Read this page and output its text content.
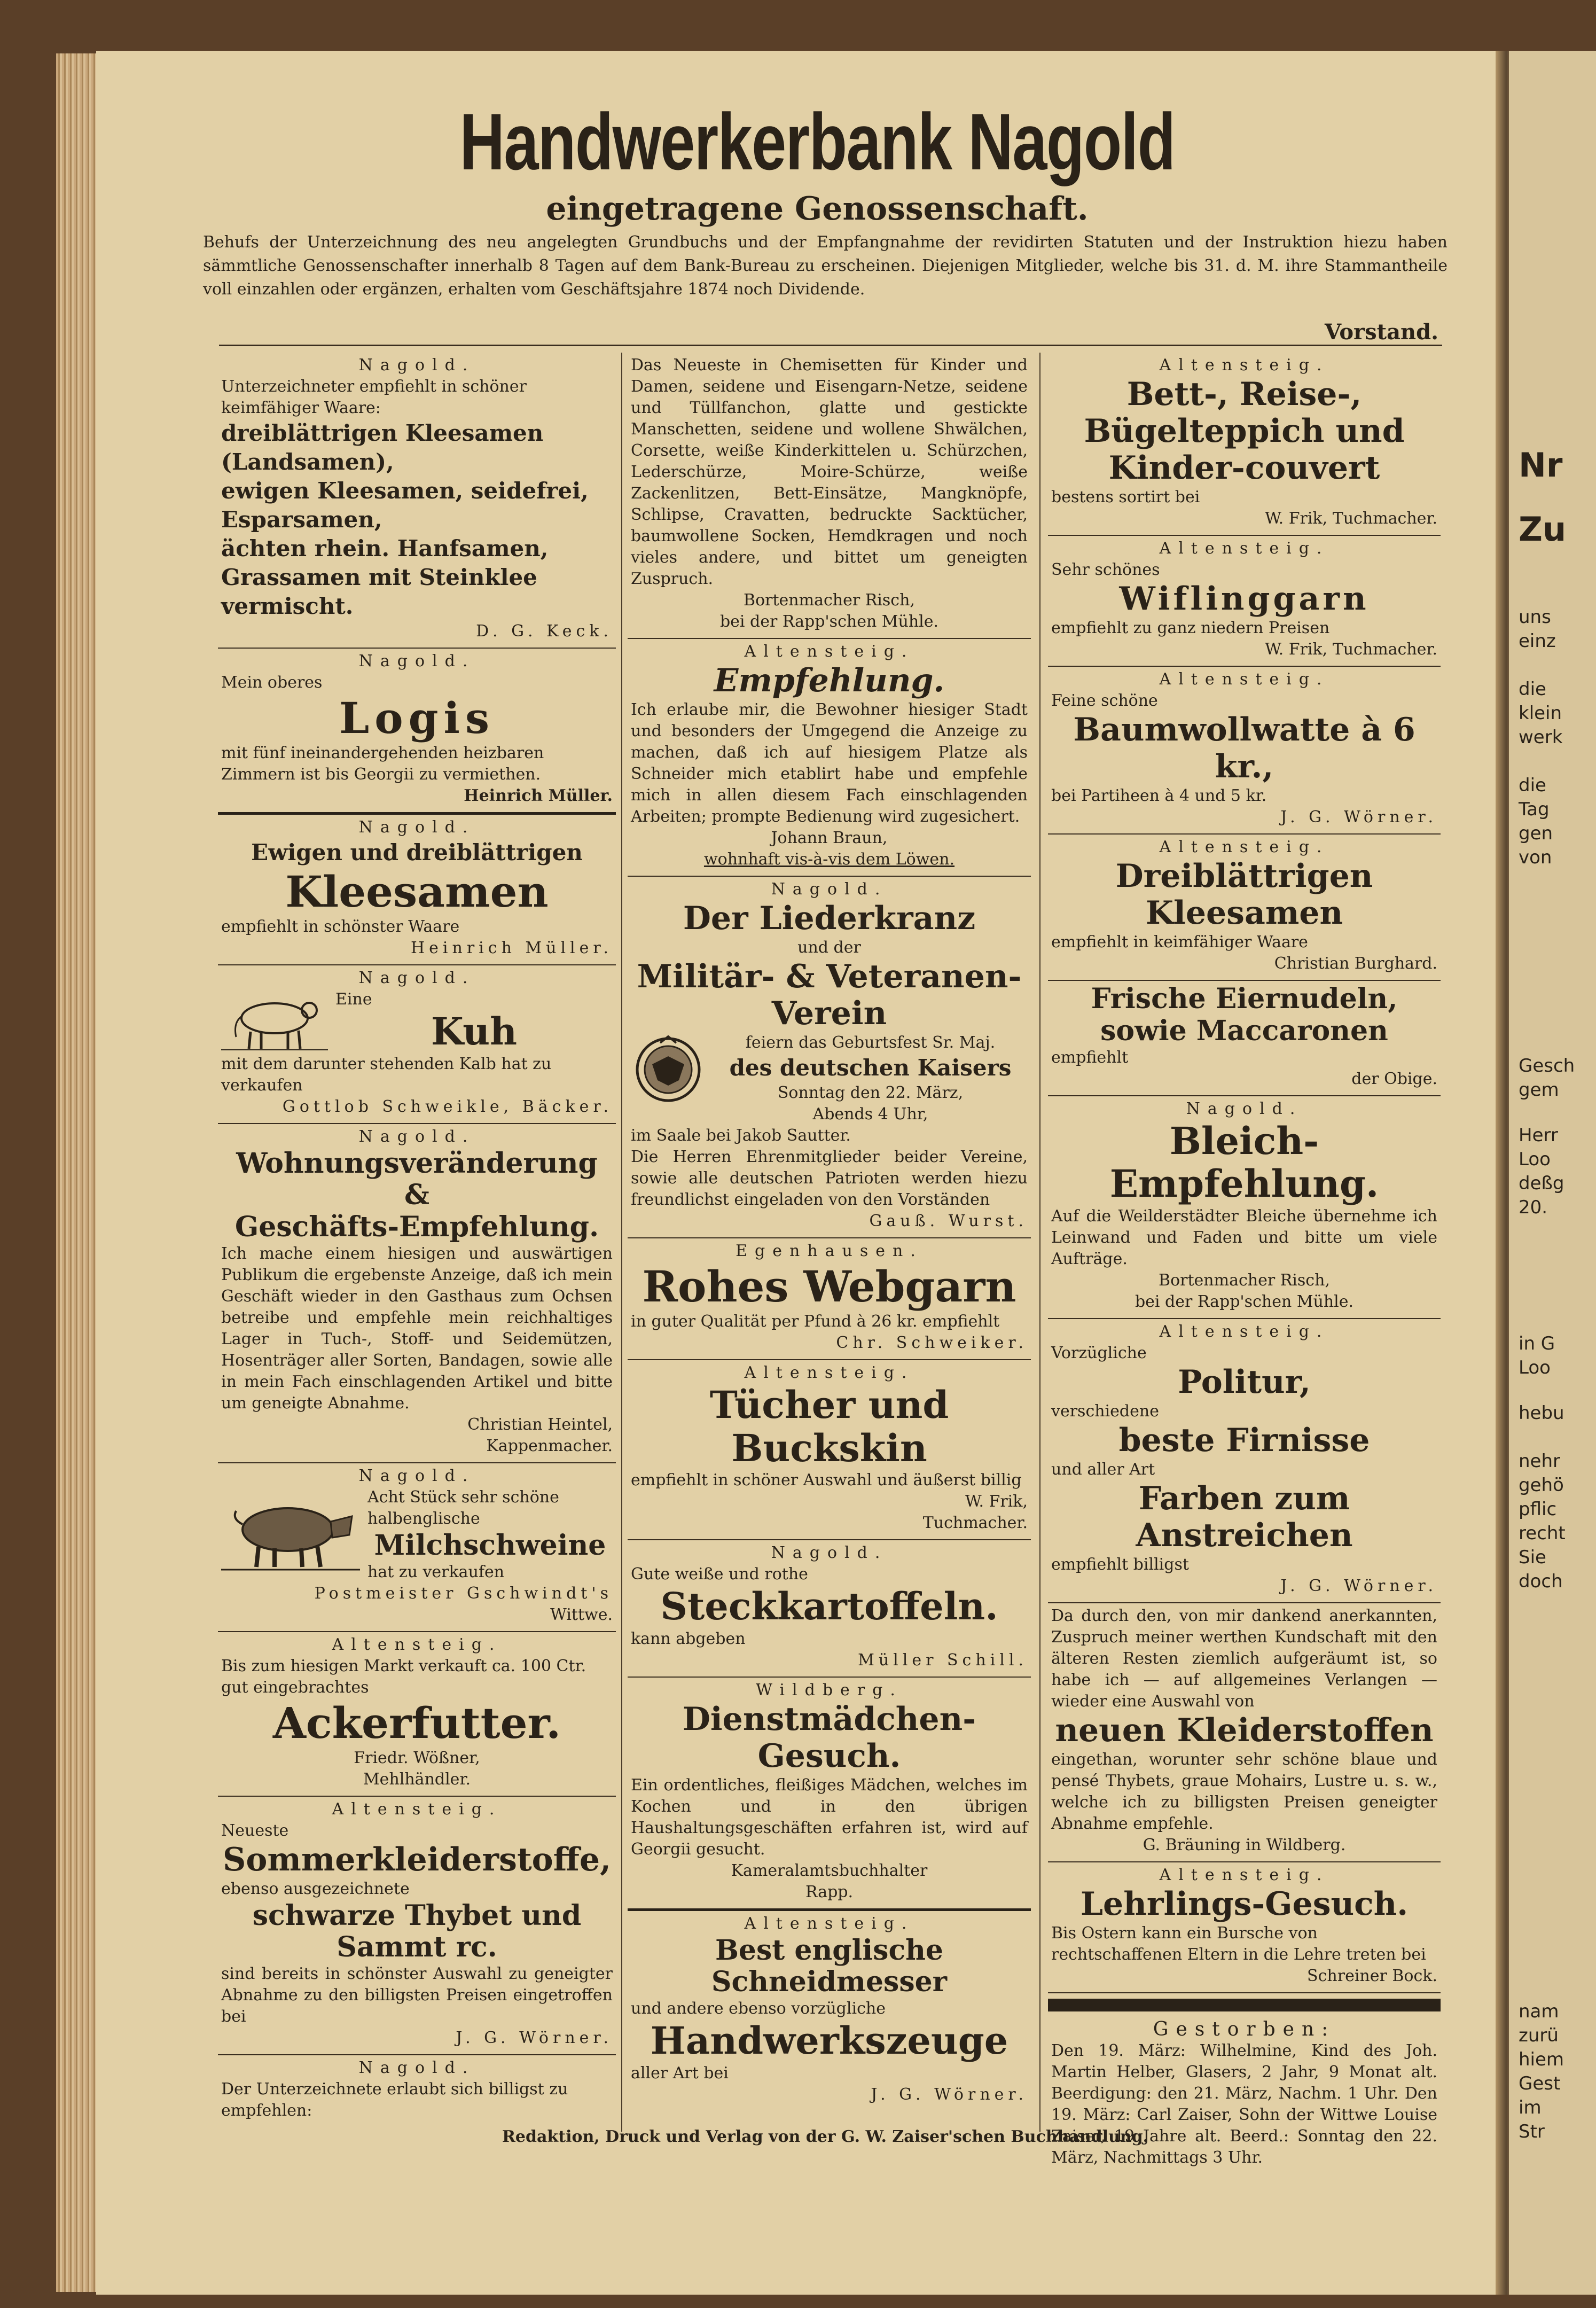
Nr
Zu
uns
einz
die
klein
werk
die
Tag
gen
von
Gesch
gem
Herr
Loo
deßg
20.
in G
Loo
hebu
nehr
gehö
pflic
recht
Sie
doch
nam
zurü
hiem
Gest
im
Str
Handwerkerbank Nagold
eingetragene Genossenschaft.

Behufs der Unterzeichnung des neu angelegten Grundbuchs und der Empfangnahme der revidirten Statuten und der Instruktion hiezu haben sämmtliche Genossenschafter innerhalb 8 Tagen auf dem Bank-Bureau zu erscheinen. Diejenigen Mitglieder, welche bis 31. d. M. ihre Stammantheile voll einzahlen oder ergänzen, erhalten vom Geschäftsjahre 1874 noch Dividende.

Vorstand.
Nagold.
Unterzeichneter empfiehlt in schöner keimfähiger Waare:
dreiblättrigen Kleesamen (Landsamen),
ewigen Kleesamen, seidefrei,
Esparsamen,
ächten rhein. Hanfsamen,
Grassamen mit Steinklee vermischt.
D. G. Keck.
Nagold.
Mein oberes
Logis
mit fünf ineinandergehenden heizbaren Zimmern ist bis Georgii zu vermiethen.
Heinrich Müller.
Nagold.
Ewigen und dreiblättrigen
Kleesamen
empfiehlt in schönster Waare
Heinrich Müller.
Nagold.
Eine
Kuh
mit dem darunter stehenden Kalb hat zu verkaufen
Gottlob Schweikle, Bäcker.
Nagold.
Wohnungsveränderung &
Geschäfts-Empfehlung.
Ich mache einem hiesigen und auswärtigen Publikum die ergebenste Anzeige, daß ich mein Geschäft wieder in den Gasthaus zum Ochsen betreibe und empfehle mein reichhaltiges Lager in Tuch-, Stoff- und Seidemützen, Hosenträger aller Sorten, Bandagen, sowie alle in mein Fach einschlagenden Artikel und bitte um geneigte Abnahme.
Christian Heintel,
Kappenmacher.
Nagold.
Acht Stück sehr schöne halbenglische
Milchschweine
hat zu verkaufen
Postmeister Gschwindt's
Wittwe.
Altensteig.
Bis zum hiesigen Markt verkauft ca. 100 Ctr. gut eingebrachtes
Ackerfutter.
Friedr. Wößner,
Mehlhändler.
Altensteig.
Neueste
Sommerkleiderstoffe,
ebenso ausgezeichnete
schwarze Thybet und Sammt rc.
sind bereits in schönster Auswahl zu geneigter Abnahme zu den billigsten Preisen eingetroffen bei
J. G. Wörner.
Nagold.
Der Unterzeichnete erlaubt sich billigst zu empfehlen:
Das Neueste in Chemisetten für Kinder und Damen, seidene und Eisengarn-Netze, seidene und Tüllfanchon, glatte und gestickte Manschetten, seidene und wollene Shwälchen, Corsette, weiße Kinderkittelen u. Schürzchen, Lederschürze, Moire-Schürze, weiße Zackenlitzen, Bett-Einsätze, Mangknöpfe, Schlipse, Cravatten, bedruckte Sacktücher, baumwollene Socken, Hemdkragen und noch vieles andere, und bittet um geneigten Zuspruch.
Bortenmacher Risch,
bei der Rapp'schen Mühle.
Altensteig.
Empfehlung.
Ich erlaube mir, die Bewohner hiesiger Stadt und besonders der Umgegend die Anzeige zu machen, daß ich auf hiesigem Platze als Schneider mich etablirt habe und empfehle mich in allen diesem Fach einschlagenden Arbeiten; prompte Bedienung wird zugesichert.
Johann Braun,
wohnhaft vis-à-vis dem Löwen.
Nagold.
Der Liederkranz
und der
Militär- & Veteranen-Verein
feiern das Geburtsfest Sr. Maj.
des deutschen Kaisers
Sonntag den 22. März,
Abends 4 Uhr,
im Saale bei Jakob Sautter.
Die Herren Ehrenmitglieder beider Vereine, sowie alle deutschen Patrioten werden hiezu freundlichst eingeladen von den Vorständen
Gauß. Wurst.
Egenhausen.
Rohes Webgarn
in guter Qualität per Pfund à 26 kr. empfiehlt
Chr. Schweiker.
Altensteig.
Tücher und Buckskin
empfiehlt in schöner Auswahl und äußerst billig
W. Frik,
Tuchmacher.
Nagold.
Gute weiße und rothe
Steckkartoffeln.
kann abgeben
Müller Schill.
Wildberg.
Dienstmädchen-Gesuch.
Ein ordentliches, fleißiges Mädchen, welches im Kochen und in den übrigen Haushaltungsgeschäften erfahren ist, wird auf Georgii gesucht.
Kameralamtsbuchhalter
Rapp.
Altensteig.
Best englische Schneidmesser
und andere ebenso vorzügliche
Handwerkszeuge
aller Art bei
J. G. Wörner.
Altensteig.
Bett-, Reise-, Bügelteppich und Kinder-couvert
bestens sortirt bei
W. Frik, Tuchmacher.
Altensteig.
Sehr schönes
Wiflinggarn
empfiehlt zu ganz niedern Preisen
W. Frik, Tuchmacher.
Altensteig.
Feine schöne
Baumwollwatte à 6 kr.,
bei Partiheen à 4 und 5 kr.
J. G. Wörner.
Altensteig.
Dreiblättrigen Kleesamen
empfiehlt in keimfähiger Waare
Christian Burghard.
Frische Eiernudeln, sowie Maccaronen
empfiehlt
der Obige.
Nagold.
Bleich-Empfehlung.
Auf die Weilderstädter Bleiche übernehme ich Leinwand und Faden und bitte um viele Aufträge.
Bortenmacher Risch,
bei der Rapp'schen Mühle.
Altensteig.
Vorzügliche
Politur,
verschiedene
beste Firnisse
und aller Art
Farben zum Anstreichen
empfiehlt billigst
J. G. Wörner.
Da durch den, von mir dankend anerkannten, Zuspruch meiner werthen Kundschaft mit den älteren Resten ziemlich aufgeräumt ist, so habe ich — auf allgemeines Verlangen — wieder eine Auswahl von
neuen Kleiderstoffen
eingethan, worunter sehr schöne blaue und pensé Thybets, graue Mohairs, Lustre u. s. w., welche ich zu billigsten Preisen geneigter Abnahme empfehle.
G. Bräuning in Wildberg.
Altensteig.
Lehrlings-Gesuch.
Bis Ostern kann ein Bursche von rechtschaffenen Eltern in die Lehre treten bei
Schreiner Bock.
Gestorben:
Den 19. März: Wilhelmine, Kind des Joh. Martin Helber, Glasers, 2 Jahr, 9 Monat alt. Beerdigung: den 21. März, Nachm. 1 Uhr. Den 19. März: Carl Zaiser, Sohn der Wittwe Louise Zaiser, 19 Jahre alt. Beerd.: Sonntag den 22. März, Nachmittags 3 Uhr.
Redaktion, Druck und Verlag von der G. W. Zaiser'schen Buchhandlung.
